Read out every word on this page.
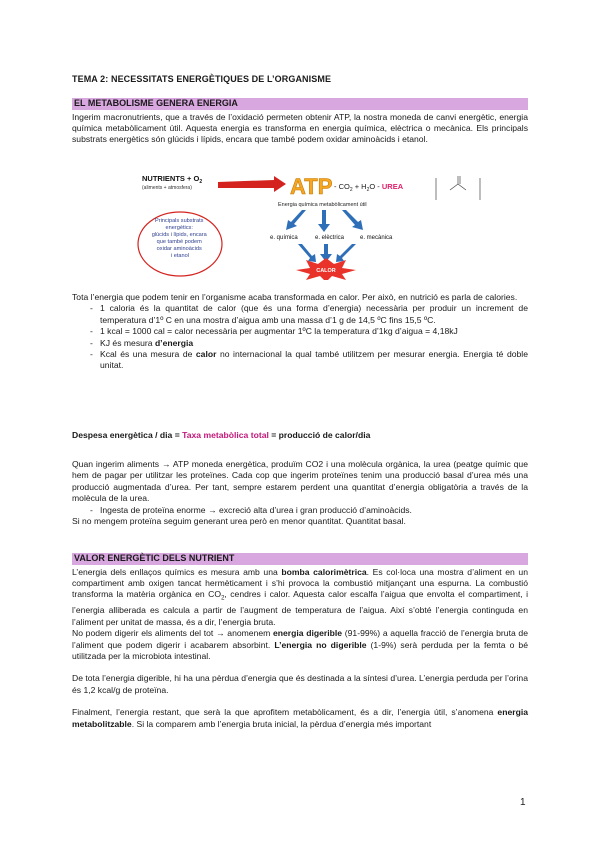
TEMA 2: NECESSITATS ENERGÈTIQUES DE L’ORGANISME

EL METABOLISME GENERA ENERGIA

Ingerim macronutrients, que a través de l’oxidació permeten obtenir ATP, la nostra moneda de canvi energètic, energia química metabòlicament útil. Aquesta energia es transforma en energia química, elèctrica o mecànica. Els principals substrats energètics són glúcids i lípids, encara que també podem oxidar aminoàcids i etanol.

NUTRIENTS + $O_2$
(aliments + atmosfera)	ATP - $CO_2 + H_2O$ - UREA
Energia química metabòlicament útil
Principals substrats energètics: glúcids i lípids, encara que també podem oxidar aminoàcids i etanol
e. química	e. elèctrica	e. mecànica
CALOR

Tota l’energia que podem tenir en l’organisme acaba transformada en calor. Per això, en nutrició es parla de calories.

- 1 caloria és la quantitat de calor (que és una forma d’energia) necessària per produir un increment de temperatura d’1º C en una mostra d’aigua amb una massa d’1 g de 14,5 ºC fins 15,5 ºC.
- 1 kcal = 1000 cal = calor necessària per augmentar 1ºC la temperatura d’1kg d’aigua = 4,18kJ
- KJ és mesura d’energia
- Kcal és una mesura de calor no internacional la qual també utilitzem per mesurar energia. Energia té doble unitat.

Despesa energètica / dia = Taxa metabòlica total = producció de calor/dia

Quan ingerim aliments → ATP moneda energètica, produïm CO2 i una molècula orgànica, la urea (peatge químic que hem de pagar per utilitzar les proteïnes. Cada cop que ingerim proteïnes tenim una producció basal d’urea més una producció augmentada d’urea. Per tant, sempre estarem perdent una quantitat d’energia obligatòria a través de la molècula de la urea.

- Ingesta de proteïna enorme → excreció alta d’urea i gran producció d’aminoàcids.

Si no mengem proteïna seguim generant urea però en menor quantitat. Quantitat basal.

VALOR ENERGÈTIC DELS NUTRIENT

L’energia dels enllaços químics es mesura amb una bomba calorimètrica. Es col·loca una mostra d’aliment en un compartiment amb oxigen tancat hermèticament i s’hi provoca la combustió mitjançant una espurna. La combustió transforma la matèria orgànica en $CO_2$, cendres i calor. Aquesta calor escalfa l’aigua que envolta el compartiment, i l’energia alliberada es calcula a partir de l’augment de temperatura de l’aigua. Així s’obté l’energia continguda en l’aliment per unitat de massa, és a dir, l’energia bruta.

No podem digerir els aliments del tot → anomenem energia digerible (91-99%) a aquella fracció de l’energia bruta de l’aliment que podem digerir i acabarem absorbint. L’energia no digerible (1-9%) serà perduda per la femta o bé utilitzada per la microbiota intestinal.

De tota l’energia digerible, hi ha una pèrdua d’energia que és destinada a la síntesi d’urea. L’energia perduda per l’orina és 1,2 kcal/g de proteïna.

Finalment, l’energia restant, que serà la que aprofitem metabòlicament, és a dir, l’energia útil, s’anomena energia metabolitzable. Si la comparem amb l’energia bruta inicial, la pèrdua d’energia més important

1
